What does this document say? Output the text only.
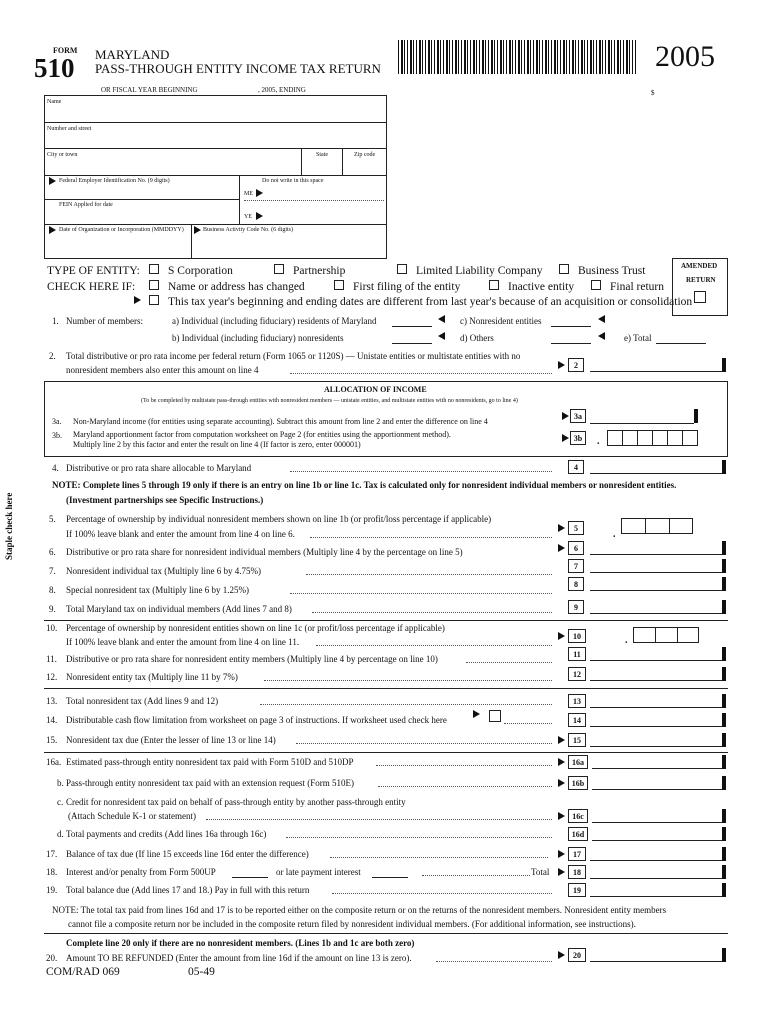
FORM
510 MARYLAND
PASS-THROUGH ENTITY INCOME TAX RETURN	2005
OR FISCAL YEAR BEGINNING	, 2005, ENDING	$
Name
Number and street
City or town	State	Zip code
Federal Employer Identification No. (9 digits)	Do not write in this space
ME
FEIN Applied for date
YE
Date of Organization or Incorporation (MMDDYY)	Business Activity Code No. (6 digits)
TYPE OF ENTITY: S Corporation	Partnership	Limited Liability Company	Business Trust
CHECK HERE IF:	Name or address has changed	First filing of the entity	Inactive entity	Final return
This tax year's beginning and ending dates are different from last year's because of an acquisition or consolidation
AMENDED
RETURN
1. Number of members:	a) Individual (including fiduciary) residents of Maryland	c) Nonresident entities
b) Individual (including fiduciary) nonresidents	d) Others	e) Total
2. Total distributive or pro rata income per federal return (Form 1065 or 1120S) — Unistate entities or multistate entities with no
nonresident members also enter this amount on line 4
ALLOCATION OF INCOME
(To be completed by multistate pass-through entities with nonresident members — unistate entities, and multistate entities with no nonresidents, go to line 4)
3a. Non-Maryland income (for entities using separate accounting). Subtract this amount from line 2 and enter the difference on line 4
3b. Maryland apportionment factor from computation worksheet on Page 2 (for entities using the apportionment method).
Multiply line 2 by this factor and enter the result on line 4 (If factor is zero, enter 000001)	.
4. Distributive or pro rata share allocable to Maryland
NOTE: Complete lines 5 through 19 only if there is an entry on line 1b or line 1c. Tax is calculated only for nonresident individual members or nonresident entities.
(Investment partnerships see Specific Instructions.)
Staple check here	5. Percentage of ownership by individual nonresident members shown on line 1b (or profit/loss percentage if applicable)
If 100% leave blank and enter the amount from line 4 on line 6.	.
6. Distributive or pro rata share for nonresident individual members (Multiply line 4 by the percentage on line 5)
7. Nonresident individual tax (Multiply line 6 by 4.75%)
8. Special nonresident tax (Multiply line 6 by 1.25%)
9. Total Maryland tax on individual members (Add lines 7 and 8)
10. Percentage of ownership by nonresident entities shown on line 1c (or profit/loss percentage if applicable)
If 100% leave blank and enter the amount from line 4 on line 11.	.
11. Distributive or pro rata share for nonresident entity members (Multiply line 4 by percentage on line 10)
12. Nonresident entity tax (Multiply line 11 by 7%)
13. Total nonresident tax (Add lines 9 and 12)
14. Distributable cash flow limitation from worksheet on page 3 of instructions. If worksheet used check here
15. Nonresident tax due (Enter the lesser of line 13 or line 14)
16a. Estimated pass-through entity nonresident tax paid with Form 510D and 510DP
b. Pass-through entity nonresident tax paid with an extension request (Form 510E)
c. Credit for nonresident tax paid on behalf of pass-through entity by another pass-through entity
(Attach Schedule K-1 or statement)
d. Total payments and credits (Add lines 16a through 16c)
17. Balance of tax due (If line 15 exceeds line 16d enter the difference)
18. Interest and/or penalty from Form 500UP	or late payment interest	Total
19. Total balance due (Add lines 17 and 18.) Pay in full with this return
NOTE: The total tax paid from lines 16d and 17 is to be reported either on the composite return or on the returns of the nonresident members. Nonresident entity members
cannot file a composite return nor be included in the composite return filed by nonresident individual members. (For additional information, see instructions).
Complete line 20 only if there are no nonresident members. (Lines 1b and 1c are both zero)
20. Amount TO BE REFUNDED (Enter the amount from line 16d if the amount on line 13 is zero).
COM/RAD 069	05-49
2
3a
3b
4
5
6
7
8
9
10
11
12
13
14
15
16a
16b
16c
16d
17
18
19
20
